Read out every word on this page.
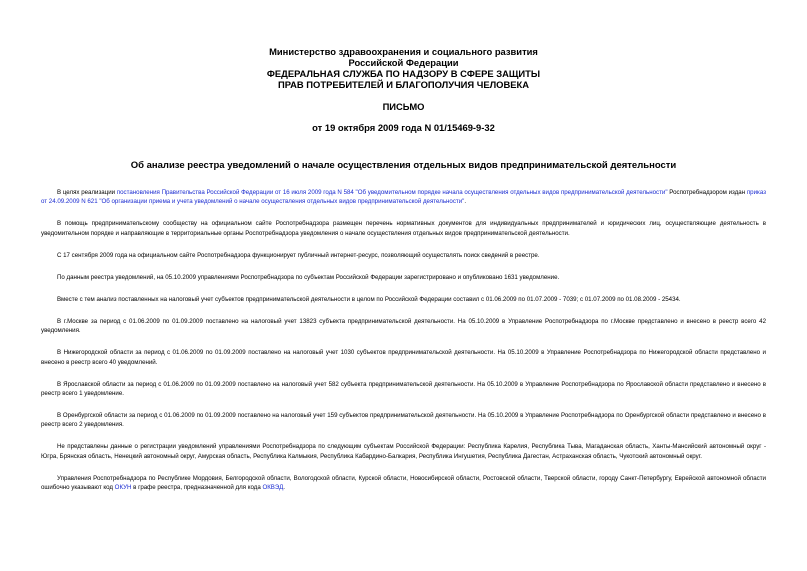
Министерство здравоохранения и социального развития
Российской Федерации
ФЕДЕРАЛЬНАЯ СЛУЖБА ПО НАДЗОРУ В СФЕРЕ ЗАЩИТЫ
ПРАВ ПОТРЕБИТЕЛЕЙ И БЛАГОПОЛУЧИЯ ЧЕЛОВЕКА
ПИСЬМО
от 19 октября 2009 года N 01/15469-9-32
Об анализе реестра уведомлений о начале осуществления отдельных видов предпринимательской деятельности

В целях реализации постановления Правительства Российской Федерации от 16 июля 2009 года N 584 "Об уведомительном порядке начала осуществления отдельных видов предпринимательской деятельности" Роспотребнадзором издан приказ от 24.09.2009 N 621 "Об организации приема и учета уведомлений о начале осуществления отдельных видов предпринимательской деятельности".

В помощь предпринимательскому сообществу на официальном сайте Роспотребнадзора размещен перечень нормативных документов для индивидуальных предпринимателей и юридических лиц, осуществляющие деятельность в уведомительном порядке и направляющие в территориальные органы Роспотребнадзора уведомления о начале осуществления отдельных видов предпринимательской деятельности.

С 17 сентября 2009 года на официальном сайте Роспотребнадзора функционирует публичный интернет-ресурс, позволяющий осуществлять поиск сведений в реестре.

По данным реестра уведомлений, на 05.10.2009 управлениями Роспотребнадзора по субъектам Российской Федерации зарегистрировано и опубликовано 1631 уведомление.

Вместе с тем анализ поставленных на налоговый учет субъектов предпринимательской деятельности в целом по Российской Федерации составил с 01.06.2009 по 01.07.2009 - 7039; с 01.07.2009 по 01.08.2009 - 25434.

В г.Москве за период с 01.06.2009 по 01.09.2009 поставлено на налоговый учет 13823 субъекта предпринимательской деятельности. На 05.10.2009 в Управление Роспотребнадзора по г.Москве представлено и внесено в реестр всего 42 уведомления.

В Нижегородской области за период с 01.06.2009 по 01.09.2009 поставлено на налоговый учет 1030 субъектов предпринимательской деятельности. На 05.10.2009 в Управление Роспотребнадзора по Нижегородской области представлено и внесено в реестр всего 40 уведомлений.

В Ярославской области за период с 01.06.2009 по 01.09.2009 поставлено на налоговый учет 582 субъекта предпринимательской деятельности. На 05.10.2009 в Управление Роспотребнадзора по Ярославской области представлено и внесено в реестр всего 1 уведомление.

В Оренбургской области за период с 01.06.2009 по 01.09.2009 поставлено на налоговый учет 159 субъектов предпринимательской деятельности. На 05.10.2009 в Управление Роспотребнадзора по Оренбургской области представлено и внесено в реестр всего 2 уведомления.

Не представлены данные о регистрации уведомлений управлениями Роспотребнадзора по следующим субъектам Российской Федерации: Республика Карелия, Республика Тыва, Магаданская область, Ханты-Мансийский автономный округ - Югра, Брянская область, Ненецкий автономный округ, Амурская область, Республика Калмыкия, Республика Кабардино-Балкария, Республика Ингушетия, Республика Дагестан, Астраханская область, Чукотский автономный округ.

Управления Роспотребнадзора по Республике Мордовия, Белгородской области, Вологодской области, Курской области, Новосибирской области, Ростовской области, Тверской области, городу Санкт-Петербургу, Еврейской автономной области ошибочно указывают код ОКУН в графе реестра, предназначенной для кода ОКВЭД.
